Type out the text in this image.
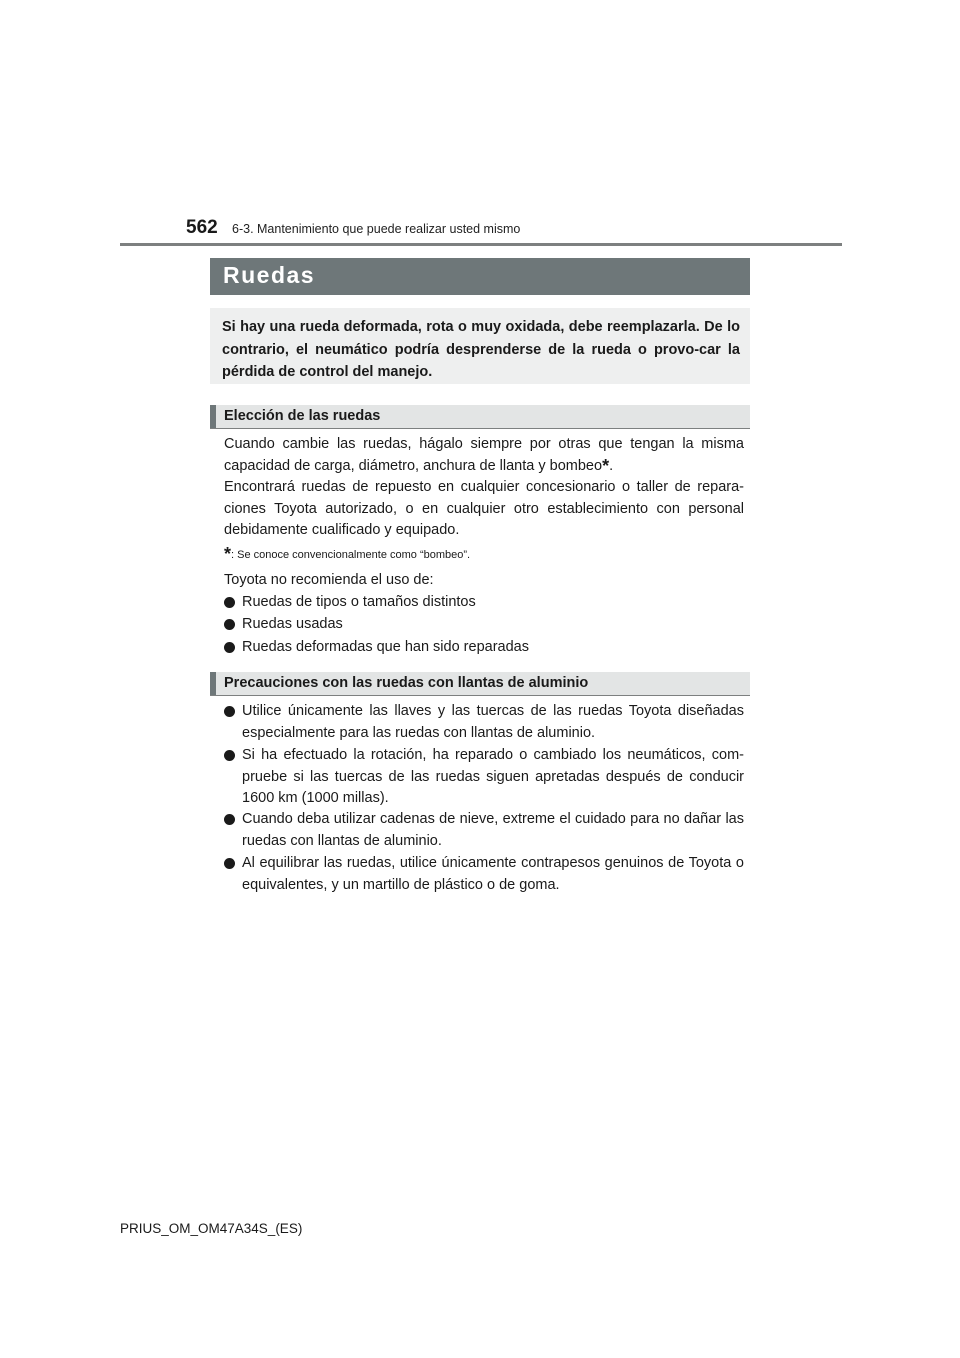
562 6-3. Mantenimiento que puede realizar usted mismo
Ruedas

Si hay una rueda deformada, rota o muy oxidada, debe reemplazarla. De lo contrario, el neumático podría desprenderse de la rueda o provo-car la pérdida de control del manejo.

Elección de las ruedas

Cuando cambie las ruedas, hágalo siempre por otras que tengan la misma capacidad de carga, diámetro, anchura de llanta y bombeo*.

Encontrará ruedas de repuesto en cualquier concesionario o taller de repara-ciones Toyota autorizado, o en cualquier otro establecimiento con personal debidamente cualificado y equipado.

*: Se conoce convencionalmente como “bombeo”.

Toyota no recomienda el uso de:

Ruedas de tipos o tamaños distintos
Ruedas usadas
Ruedas deformadas que han sido reparadas
Precauciones con las ruedas con llantas de aluminio
Utilice únicamente las llaves y las tuercas de las ruedas Toyota diseñadas especialmente para las ruedas con llantas de aluminio.
Si ha efectuado la rotación, ha reparado o cambiado los neumáticos, com-pruebe si las tuercas de las ruedas siguen apretadas después de conducir 1600 km (1000 millas).
Cuando deba utilizar cadenas de nieve, extreme el cuidado para no dañar las ruedas con llantas de aluminio.
Al equilibrar las ruedas, utilice únicamente contrapesos genuinos de Toyota o equivalentes, y un martillo de plástico o de goma.
PRIUS_OM_OM47A34S_(ES)
